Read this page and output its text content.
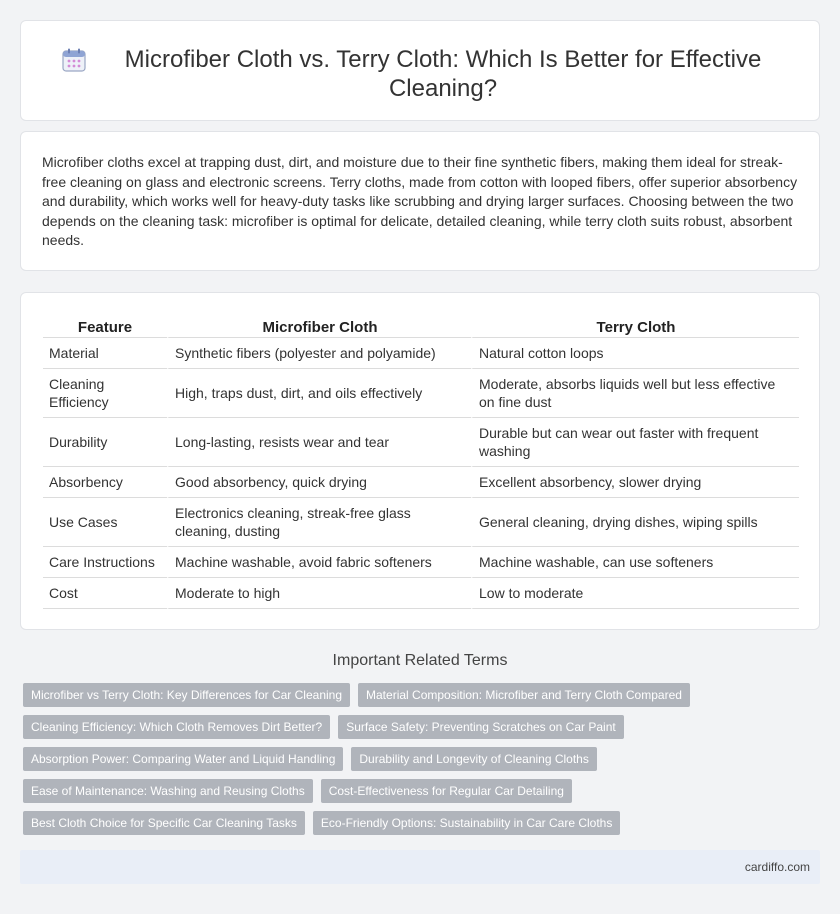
Microfiber Cloth vs. Terry Cloth: Which Is Better for Effective Cleaning?

Microfiber cloths excel at trapping dust, dirt, and moisture due to their fine synthetic fibers, making them ideal for streak-free cleaning on glass and electronic screens. Terry cloths, made from cotton with looped fibers, offer superior absorbency and durability, which works well for heavy-duty tasks like scrubbing and drying larger surfaces. Choosing between the two depends on the cleaning task: microfiber is optimal for delicate, detailed cleaning, while terry cloth suits robust, absorbent needs.

Feature	Microfiber Cloth	Terry Cloth
Material	Synthetic fibers (polyester and polyamide)	Natural cotton loops
Cleaning Efficiency	High, traps dust, dirt, and oils effectively	Moderate, absorbs liquids well but less effective on fine dust
Durability	Long-lasting, resists wear and tear	Durable but can wear out faster with frequent washing
Absorbency	Good absorbency, quick drying	Excellent absorbency, slower drying
Use Cases	Electronics cleaning, streak-free glass cleaning, dusting	General cleaning, drying dishes, wiping spills
Care Instructions	Machine washable, avoid fabric softeners	Machine washable, can use softeners
Cost	Moderate to high	Low to moderate
Important Related Terms
Microfiber vs Terry Cloth: Key Differences for Car Cleaning	Material Composition: Microfiber and Terry Cloth Compared
Cleaning Efficiency: Which Cloth Removes Dirt Better?	Surface Safety: Preventing Scratches on Car Paint
Absorption Power: Comparing Water and Liquid Handling	Durability and Longevity of Cleaning Cloths
Ease of Maintenance: Washing and Reusing Cloths	Cost-Effectiveness for Regular Car Detailing
Best Cloth Choice for Specific Car Cleaning Tasks	Eco-Friendly Options: Sustainability in Car Care Cloths
cardiffo.com
